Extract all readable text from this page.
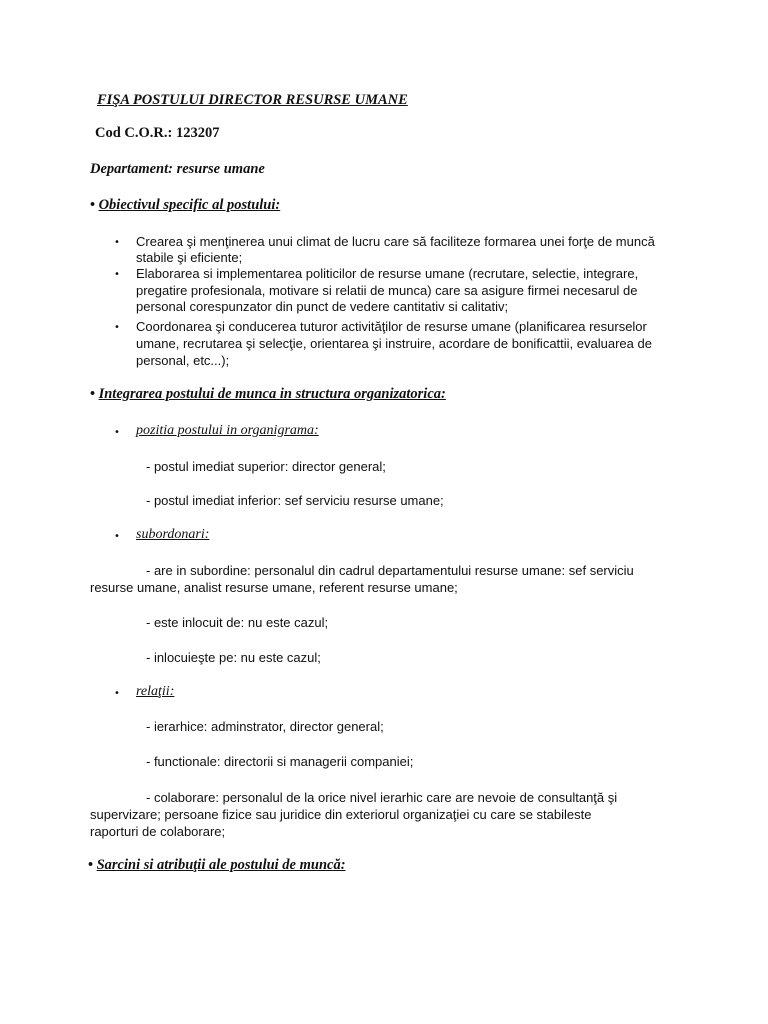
FIŞA POSTULUI DIRECTOR RESURSE UMANE
Cod C.O.R.: 123207
Departament: resurse umane
• Obiectivul specific al postului:
• Crearea şi menţinerea unui climat de lucru care să faciliteze formarea unei forţe de muncă
stabile şi eficiente;
• Elaborarea si implementarea politicilor de resurse umane (recrutare, selectie, integrare,
pregatire profesionala, motivare si relatii de munca) care sa asigure firmei necesarul de
personal corespunzator din punct de vedere cantitativ si calitativ;
• Coordonarea şi conducerea tuturor activităţilor de resurse umane (planificarea resurselor
umane, recrutarea şi selecţie, orientarea şi instruire, acordare de bonificattii, evaluarea de
personal, etc...);
• Integrarea postului de munca in structura organizatorica:
• pozitia postului in organigrama:
- postul imediat superior: director general;
- postul imediat inferior: sef serviciu resurse umane;
• subordonari:
- are in subordine: personalul din cadrul departamentului resurse umane: sef serviciu
resurse umane, analist resurse umane, referent resurse umane;
- este inlocuit de: nu este cazul;
- inlocuieşte pe: nu este cazul;
• relaţii:
- ierarhice: adminstrator, director general;
- functionale: directorii si managerii companiei;
- colaborare: personalul de la orice nivel ierarhic care are nevoie de consultanţă şi
supervizare; persoane fizice sau juridice din exteriorul organizaţiei cu care se stabileste
raporturi de colaborare;
• Sarcini si atribuţii ale postului de muncă:
